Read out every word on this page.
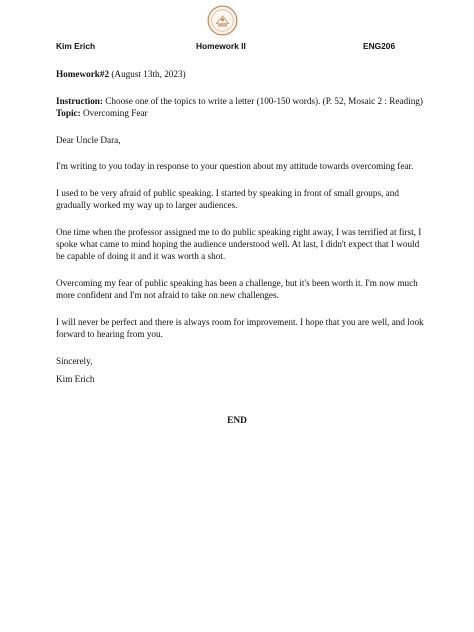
Kim Erich	Homework II	ENG206

Homework#2 (August 13th, 2023)

Instruction: Choose one of the topics to write a letter (100-150 words). (P. 52, Mosaic 2 : Reading)

Topic: Overcoming Fear

Dear Uncle Dara,

I'm writing to you today in response to your question about my attitude towards overcoming fear.

I used to be very afraid of public speaking. I started by speaking in front of small groups, and gradually worked my way up to larger audiences.

One time when the professor assigned me to do public speaking right away, I was terrified at first, I spoke what came to mind hoping the audience understood well. At last, I didn't expect that I would be capable of doing it and it was worth a shot.

Overcoming my fear of public speaking has been a challenge, but it's been worth it. I'm now much more confident and I'm not afraid to take on new challenges.

I will never be perfect and there is always room for improvement. I hope that you are well, and look forward to hearing from you.

Sincerely,

Kim Erich

END
